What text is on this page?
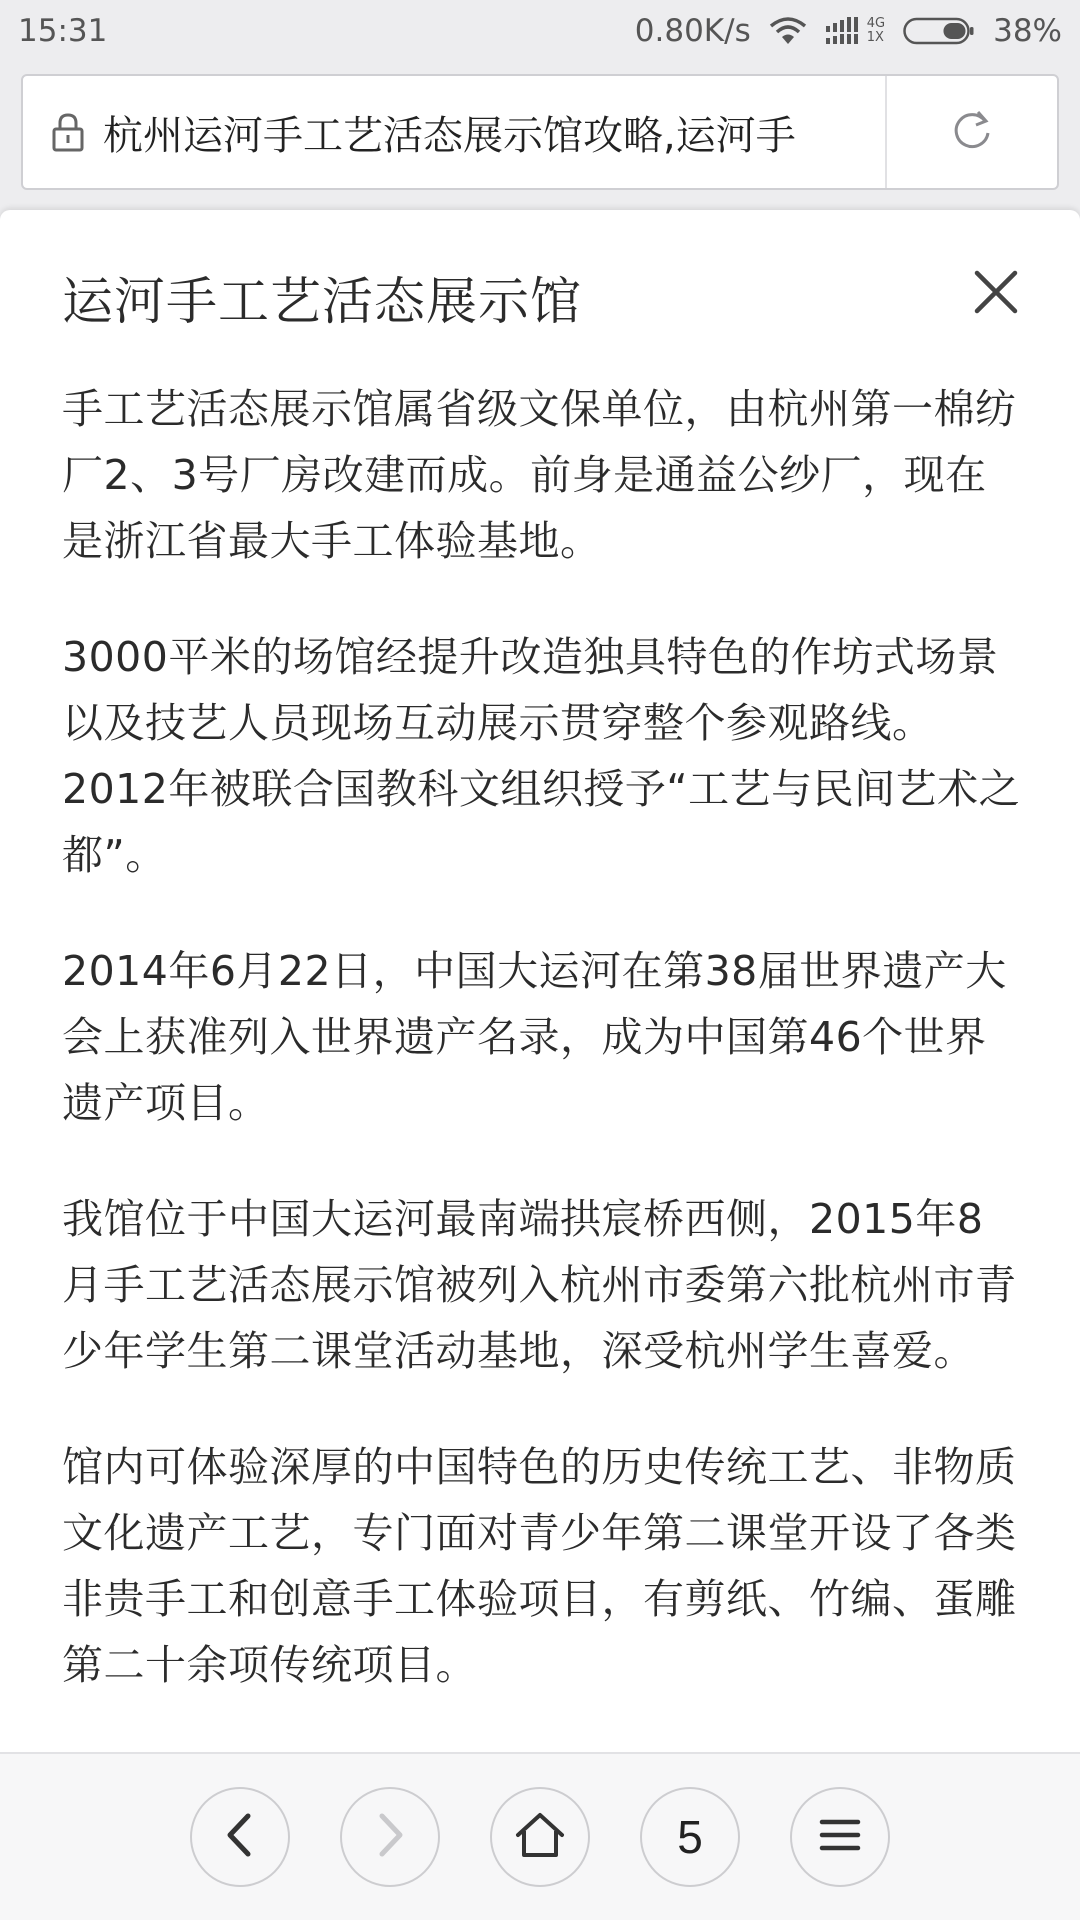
15:31	0.80K/s	4G
1X	38%
杭州运河手工艺活态展示馆攻略,运河手
运河手工艺活态展示馆

手工艺活态展示馆属省级文保单位，由杭州第一棉纺厂2、3号厂房改建而成。前身是通益公纱厂，现在是浙江省最大手工体验基地。

3000平米的场馆经提升改造独具特色的作坊式场景以及技艺人员现场互动展示贯穿整个参观路线。2012年被联合国教科文组织授予“工艺与民间艺术之都”。

2014年6月22日，中国大运河在第38届世界遗产大会上获准列入世界遗产名录，成为中国第46个世界遗产项目。

我馆位于中国大运河最南端拱宸桥西侧，2015年8月手工艺活态展示馆被列入杭州市委第六批杭州市青少年学生第二课堂活动基地，深受杭州学生喜爱。

馆内可体验深厚的中国特色的历史传统工艺、非物质文化遗产工艺，专门面对青少年第二课堂开设了各类非贵手工和创意手工体验项目，有剪纸、竹编、蛋雕第二十余项传统项目。

5
